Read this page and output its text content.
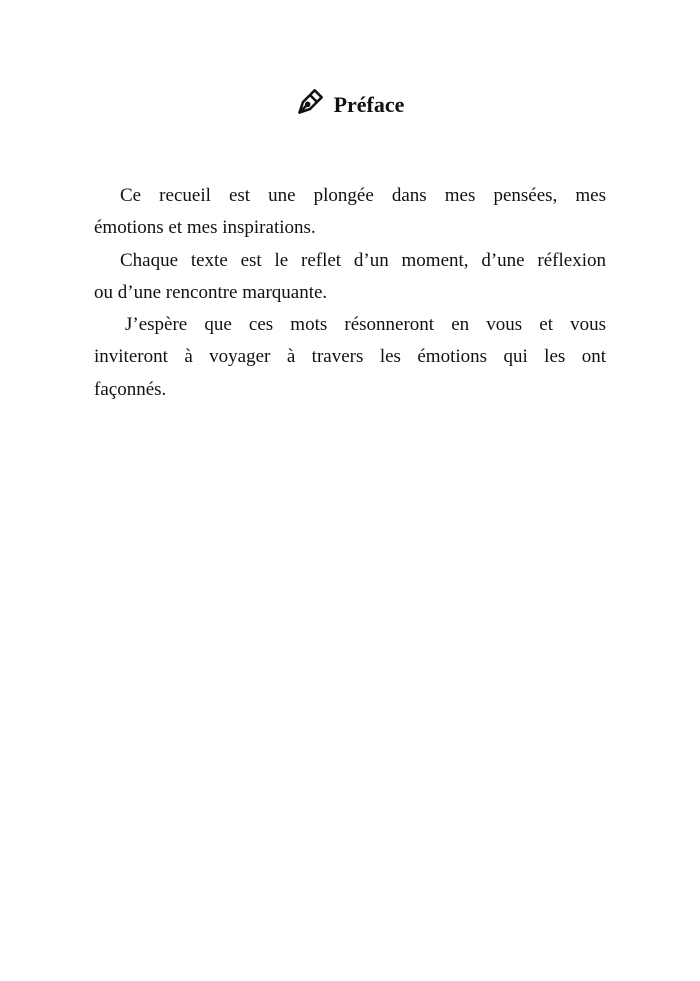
Préface
Ce recueil est une plongée dans mes pensées, mes
émotions et mes inspirations.
Chaque texte est le reflet d’un moment, d’une réflexion
ou d’une rencontre marquante.
J’espère que ces mots résonneront en vous et vous
inviteront à voyager à travers les émotions qui les ont
façonnés.
